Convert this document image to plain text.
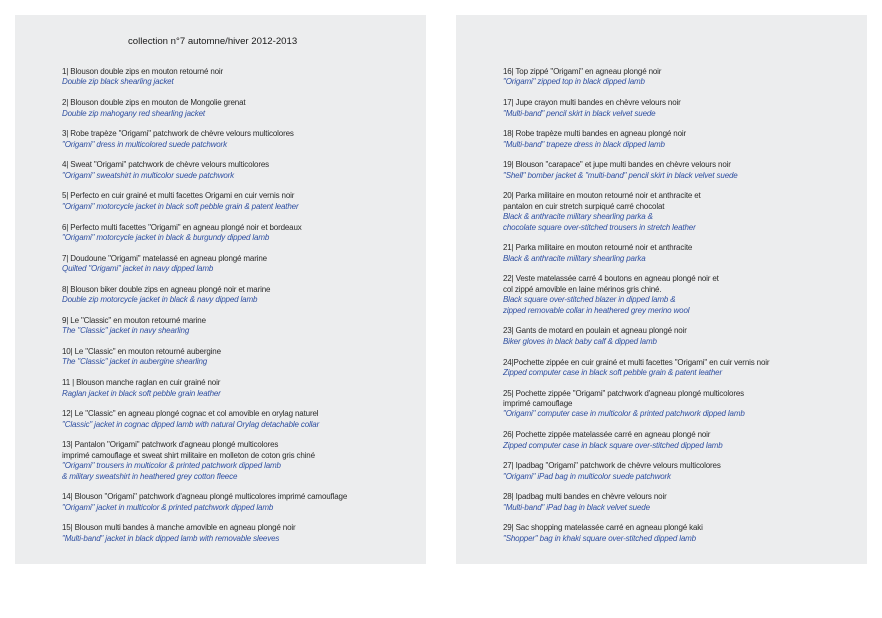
collection n°7 automne/hiver 2012-2013
1| Blouson double zips en mouton retourné noir
Double zip black shearling jacket
2| Blouson double zips en mouton de Mongolie grenat
Double zip mahogany red shearling jacket
3| Robe trapèze "Origami" patchwork de chèvre velours multicolores
"Origami" dress in multicolored suede patchwork
4| Sweat "Origami" patchwork de chèvre velours multicolores
"Origami" sweatshirt in multicolor suede patchwork
5| Perfecto en cuir grainé et multi facettes Origami en cuir vernis noir
"Origami" motorcycle jacket in black soft pebble grain & patent leather
6| Perfecto multi facettes "Origami" en agneau plongé noir et bordeaux
"Origami" motorcycle jacket in black & burgundy dipped lamb
7| Doudoune "Origami" matelassé en agneau plongé marine
Quilted "Origami" jacket in navy dipped lamb
8| Blouson biker double zips en agneau plongé noir et marine
Double zip motorcycle jacket in black & navy dipped lamb
9| Le "Classic" en mouton retourné marine
The "Classic" jacket in navy shearling
10| Le "Classic" en mouton retourné aubergine
The "Classic" jacket in aubergine shearling
11 | Blouson manche raglan en cuir grainé noir
Raglan jacket in black soft pebble grain leather
12| Le "Classic" en agneau plongé cognac et col amovible en orylag naturel
"Classic" jacket in cognac dipped lamb with natural Orylag detachable collar
13| Pantalon "Origami" patchwork d'agneau plongé multicolores
imprimé camouflage et sweat shirt militaire en molleton de coton gris chiné
"Origami" trousers in multicolor & printed patchwork dipped lamb
& military sweatshirt in heathered grey cotton fleece
14| Blouson "Origami" patchwork d'agneau plongé multicolores imprimé camouflage
"Origami" jacket in multicolor & printed patchwork dipped lamb
15| Blouson multi bandes à manche amovible en agneau plongé noir
"Multi-band" jacket in black dipped lamb with removable sleeves
16| Top zippé "Origami" en agneau plongé noir
"Origami" zipped top in black dipped lamb
17| Jupe crayon multi bandes en chèvre velours noir
"Multi-band" pencil skirt in black velvet suede
18| Robe trapèze multi bandes en agneau plongé noir
"Multi-band" trapeze dress in black dipped lamb
19| Blouson "carapace" et jupe multi bandes en chèvre velours noir
"Shell" bomber jacket & "multi-band" pencil skirt in black velvet suede
20| Parka militaire en mouton retourné noir et anthracite et
pantalon en cuir stretch surpiqué carré chocolat
Black & anthracite military shearling parka &
chocolate square over-stitched trousers in stretch leather
21| Parka militaire en mouton retourné noir et anthracite
Black & anthracite military shearling parka
22| Veste matelassée carré 4 boutons en agneau plongé noir et
col zippé amovible en laine mérinos gris chiné.
Black square over-stitched blazer in dipped lamb &
zipped removable collar in heathered grey merino wool
23| Gants de motard en poulain et agneau plongé noir
Biker gloves in black baby calf & dipped lamb
24|Pochette zippée en cuir grainé et multi facettes "Origami" en cuir vernis noir
Zipped computer case in black soft pebble grain & patent leather
25| Pochette zippée "Origami" patchwork d'agneau plongé multicolores
imprimé camouflage
"Origami" computer case in multicolor & printed patchwork dipped lamb
26| Pochette zippée matelassée carré en agneau plongé noir
Zipped computer case in black square over-stitched dipped lamb
27| Ipadbag "Origami" patchwork de chèvre velours multicolores
"Origami" iPad bag in multicolor suede patchwork
28| Ipadbag multi bandes en chèvre velours noir
"Multi-band" iPad bag in black velvet suede
29| Sac shopping matelassée carré en agneau plongé kaki
"Shopper" bag in khaki square over-stitched dipped lamb
